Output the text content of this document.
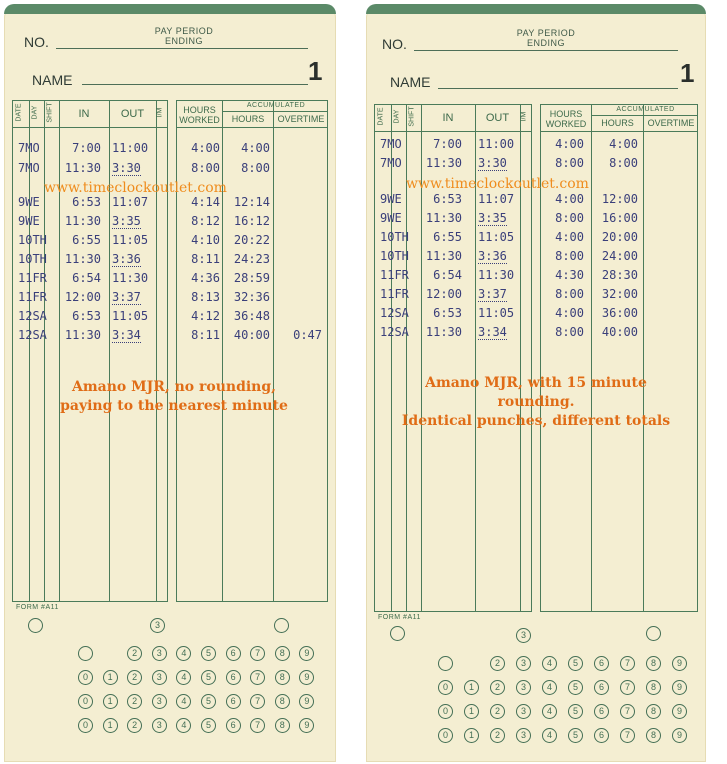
NO.
PAY PERIOD
ENDING
NAME	1
DATE DAY SHIFT	IN	OUT	I/M	HOURS
WORKED
ACCUMULATED
HOURS	OVERTIME
7MO	7:00 11:00	4:00 4:00
7MO 11:30 3:30	8:00 8:00
9WE	6:53 11:07	4:14 12:14
9WE 11:30 3:35	8:12 16:12
10TH 6:55 11:05	4:10 20:22
10TH 11:30 3:36	8:11 24:23
11FR 6:54 11:30	4:36 28:59
11FR 12:00 3:37	8:13 32:36
12SA 6:53 11:05	4:12 36:48
12SA 11:30 3:34	8:11 40:00 0:47
www.timeclockoutlet.com
Amano MJR, no rounding,
paying to the nearest minute
FORM #A11
3
2	3	4	5	6	7	8	9
0	1	2	3	4	5	6	7	8	9
0	1	2	3	4	5	6	7	8	9
0	1	2	3	4	5	6	7	8	9
NO.
PAY PERIOD
ENDING
NAME	1
DATE DAY SHIFT	IN	OUT	I/M	HOURS
WORKED
ACCUMULATED
HOURS	OVERTIME
7MO	7:00 11:00	4:00 4:00
7MO 11:30 3:30	8:00 8:00
9WE	6:53 11:07	4:00 12:00
9WE 11:30 3:35	8:00 16:00
10TH 6:55 11:05	4:00 20:00
10TH 11:30 3:36	8:00 24:00
11FR 6:54 11:30	4:30 28:30
11FR 12:00 3:37	8:00 32:00
12SA 6:53 11:05	4:00 36:00
12SA 11:30 3:34	8:00 40:00
www.timeclockoutlet.com
Amano MJR, with 15 minute
rounding.
Identical punches, different totals
FORM #A11
3
2	3	4	5	6	7	8	9
0	1	2	3	4	5	6	7	8	9
0	1	2	3	4	5	6	7	8	9
0	1	2	3	4	5	6	7	8	9
